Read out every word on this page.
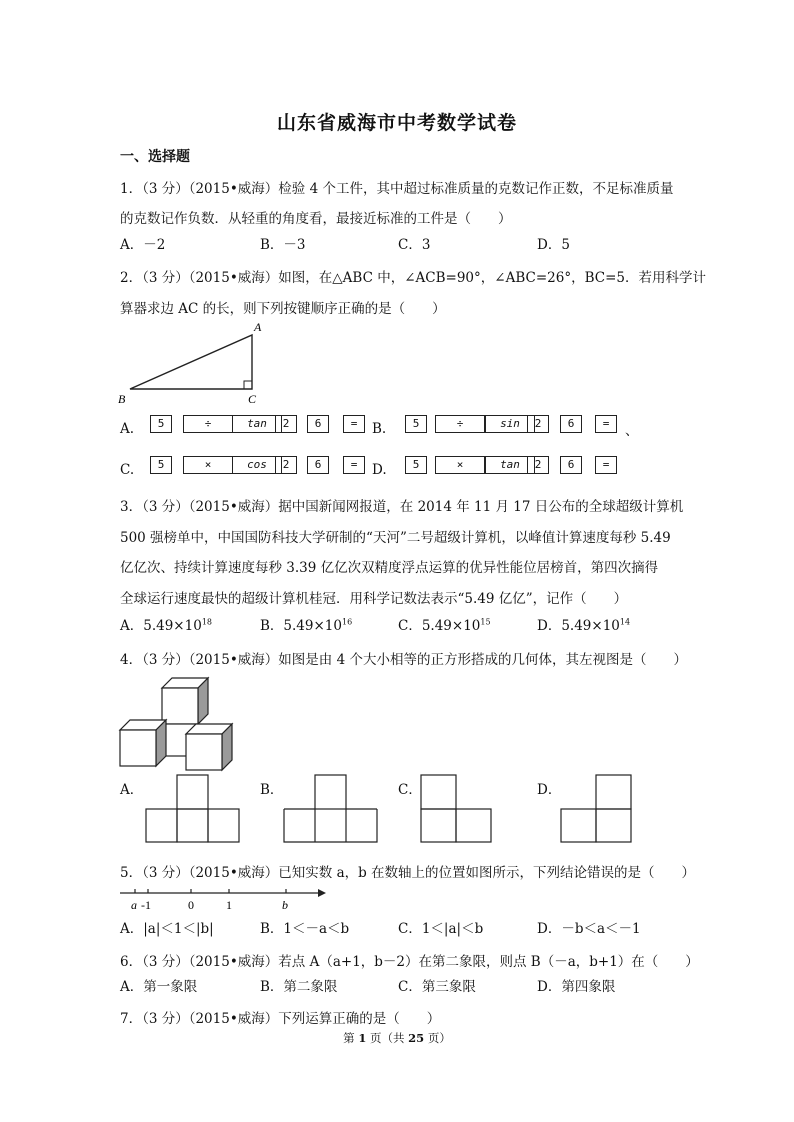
山东省威海市中考数学试卷
一、选择题
1．（3 分）（2015•威海）检验 4 个工件，其中超过标准质量的克数记作正数，不足标准质量
的克数记作负数．从轻重的角度看，最接近标准的工件是（　　）
A．－2	B．－3	C．3	D．5
2．（3 分）（2015•威海）如图，在△ABC 中，∠ACB=90°，∠ABC=26°，BC=5．若用科学计
算器求边 AC 的长，则下列按键顺序正确的是（　　）
A
B	C
A.	5	÷	tan	2	6	=	B.	5	÷	sin	2	6	=	、
C.	5	×	cos	2	6	=	D.	5	×	tan	2	6	=
3．（3 分）（2015•威海）据中国新闻网报道，在 2014 年 11 月 17 日公布的全球超级计算机
500 强榜单中，中国国防科技大学研制的“天河”二号超级计算机，以峰值计算速度每秒 5.49
亿亿次、持续计算速度每秒 3.39 亿亿次双精度浮点运算的优异性能位居榜首，第四次摘得
全球运行速度最快的超级计算机桂冠．用科学记数法表示“5.49 亿亿”，记作（　　）
A．$5.49\times 10^{18}$	B．$5.49\times 10^{16}$	C．$5.49\times 10^{15}$	D．$5.49\times 10^{14}$
4．（3 分）（2015•威海）如图是由 4 个大小相等的正方形搭成的几何体，其左视图是（　　）
A．	B．	C．	D．
5．（3 分）（2015•威海）已知实数 a，b 在数轴上的位置如图所示，下列结论错误的是（　　）
a -1	0	1	b
A．|a|＜1＜|b|	B．1＜－a＜b	C．1＜|a|＜b	D．－b＜a＜－1
6．（3 分）（2015•威海）若点 A（a+1，b－2）在第二象限，则点 B（－a，b+1）在（　　）
A．第一象限	B．第二象限	C．第三象限	D．第四象限
7．（3 分）（2015•威海）下列运算正确的是（　　）
第 1 页（共 25 页）
